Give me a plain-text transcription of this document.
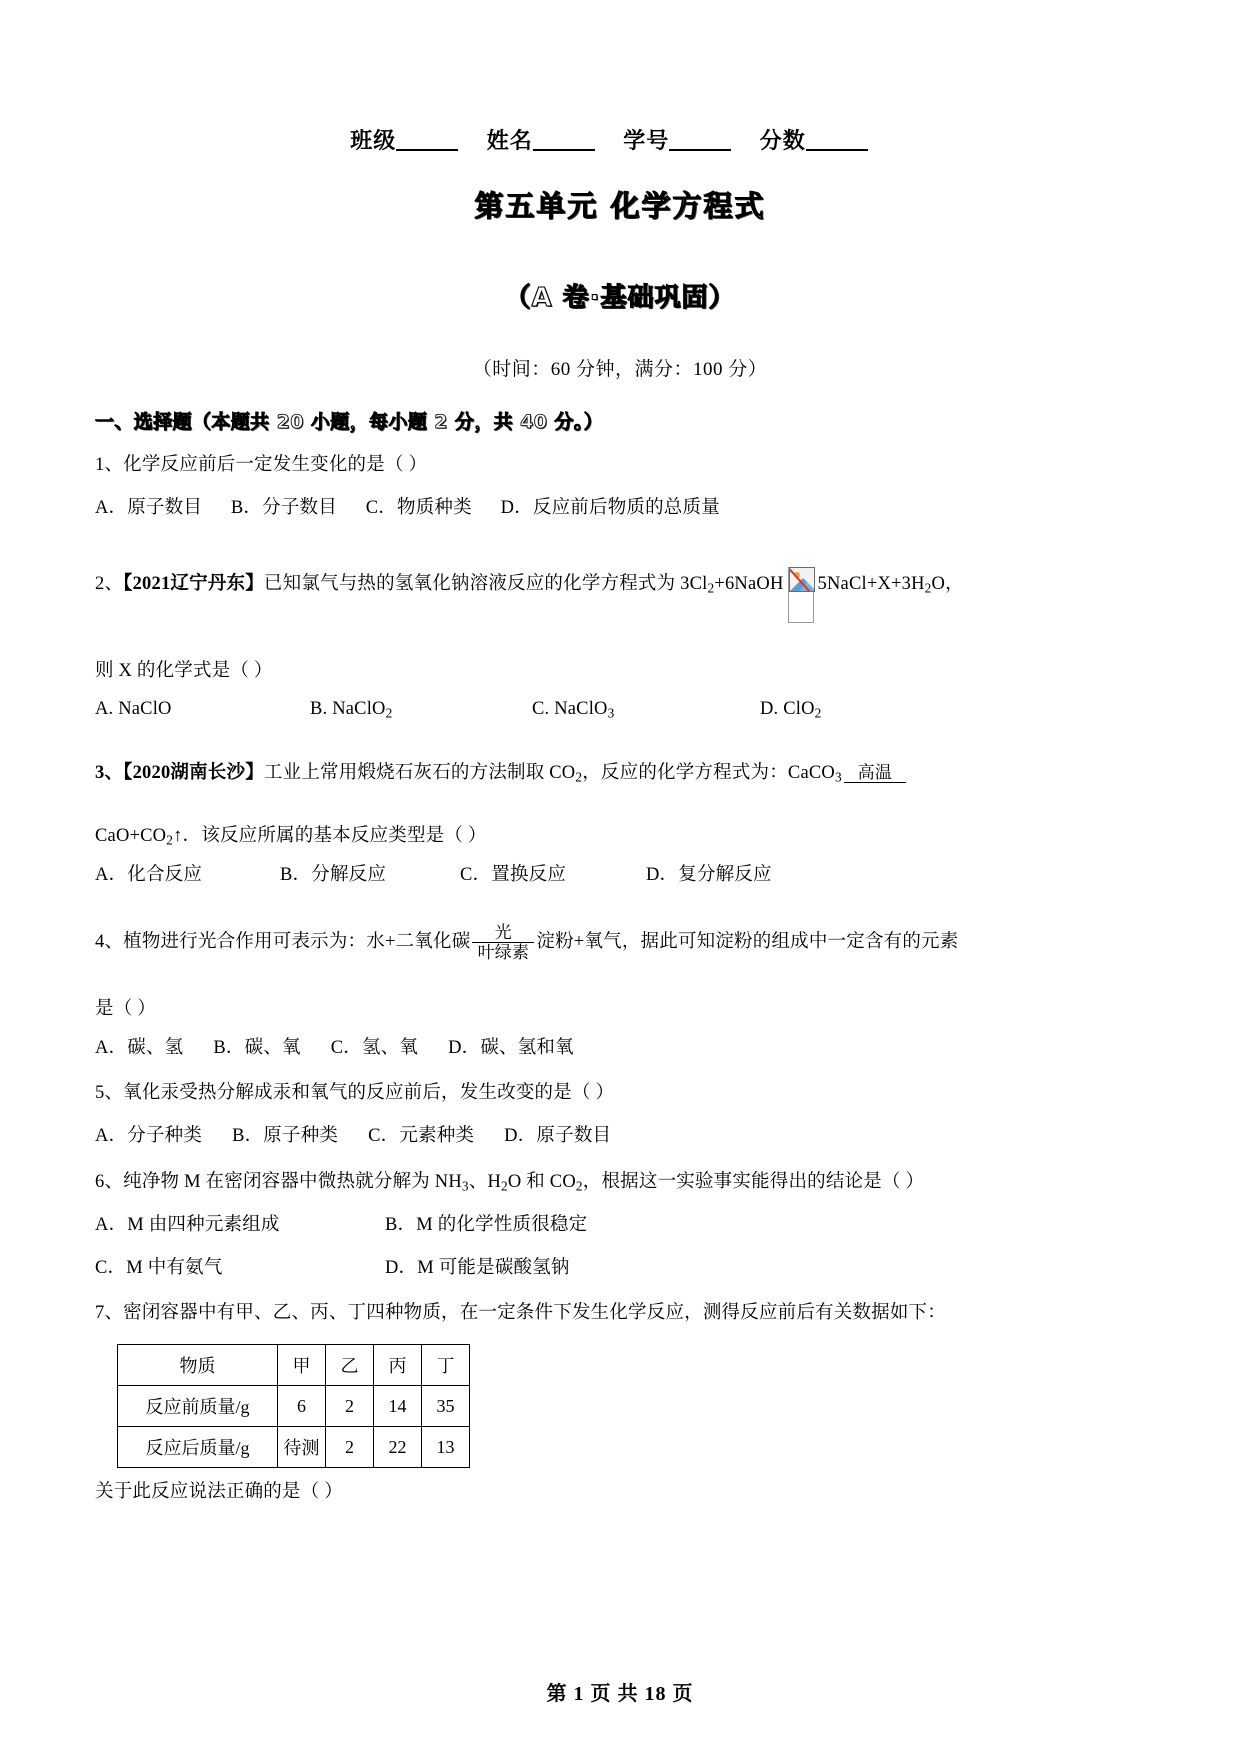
班级	姓名	学号	分数
第五单元 化学方程式
（A 卷·基础巩固）
（时间：60 分钟，满分：100 分）
一、选择题（本题共 20 小题，每小题 2 分，共 40 分。）
1、化学反应前后一定发生变化的是（ ）
A．原子数目 B．分子数目 C．物质种类 D．反应前后物质的总质量
2、【2021辽宁丹东】已知氯气与热的氢氧化钠溶液反应的化学方程式为 $3Cl_2+6NaOH$ $5NaCl+X+3H_2O$，
则 X 的化学式是（ ）
A. NaClO	B. NaClO$_2$	C. NaClO$_3$	D. ClO$_2$
3、【2020湖南长沙】工业上常用煅烧石灰石的方法制取 $CO_2$，反应的化学方程式为：CaCO$_3$ 高温
$CaO+CO_2↑$．该反应所属的基本反应类型是（ ）
A．化合反应	B．分解反应	C．置换反应	D．复分解反应
4、植物进行光合作用可表示为：水+二氧化碳	光
叶绿素
淀粉+氧气，据此可知淀粉的组成中一定含有的元素
是（ ）
A．碳、氢 B．碳、氧 C．氢、氧 D．碳、氢和氧
5、氧化汞受热分解成汞和氧气的反应前后，发生改变的是（ ）
A．分子种类 B．原子种类 C．元素种类 D．原子数目
6、纯净物 M 在密闭容器中微热就分解为 $NH_3$、$H_2O$ 和 $CO_2$，根据这一实验事实能得出的结论是（ ）
A．M 由四种元素组成	B．M 的化学性质很稳定
C．M 中有氨气	D．M 可能是碳酸氢钠
7、密闭容器中有甲、乙、丙、丁四种物质，在一定条件下发生化学反应，测得反应前后有关数据如下：
物质	甲	乙	丙	丁
反应前质量/g	6	2	14	35
反应后质量/g	待测	2	22	13
关于此反应说法正确的是（ ）
第 1 页 共 18 页
